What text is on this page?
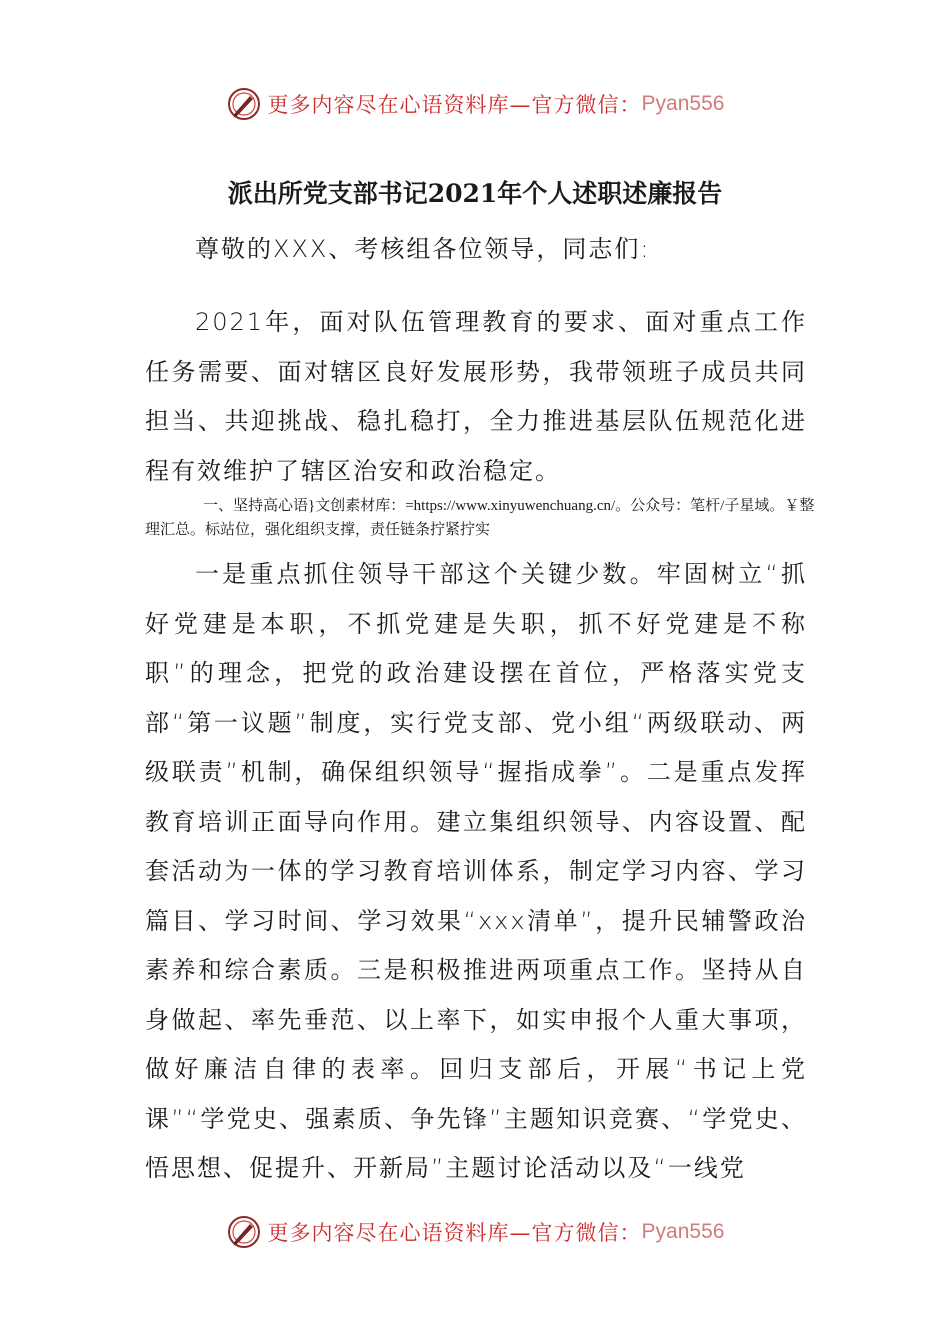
更多内容尽在心语资料库—官方微信： Pyan556
派出所党支部书记2021年个人述职述廉报告
尊敬的XXX、考核组各位领导，同志们:
2021年，面对队伍管理教育的要求、面对重点工作任务需要、面对辖区良好发展形势，我带领班子成员共同担当、共迎挑战、稳扎稳打，全力推进基层队伍规范化进程有效维护了辖区治安和政治稳定。
一、坚持高心语}文创素材库：=https://www.xinyuwenchuang.cn/。公众号：笔杆/子星域。￥整理汇总。标站位，强化组织支撑，责任链条拧紧拧实
一是重点抓住领导干部这个关键少数。牢固树立“抓好党建是本职，不抓党建是失职，抓不好党建是不称职”的理念，把党的政治建设摆在首位，严格落实党支部“第一议题”制度，实行党支部、党小组“两级联动、两级联责”机制，确保组织领导“握指成拳”。二是重点发挥教育培训正面导向作用。建立集组织领导、内容设置、配套活动为一体的学习教育培训体系，制定学习内容、学习篇目、学习时间、学习效果“xxx清单”，提升民辅警政治素养和综合素质。三是积极推进两项重点工作。坚持从自身做起、率先垂范、以上率下，如实申报个人重大事项，做好廉洁自律的表率。回归支部后，开展“书记上党课”“学党史、强素质、争先锋”主题知识竞赛、“学党史、悟思想、促提升、开新局”主题讨论活动以及“一线党
更多内容尽在心语资料库—官方微信： Pyan556
